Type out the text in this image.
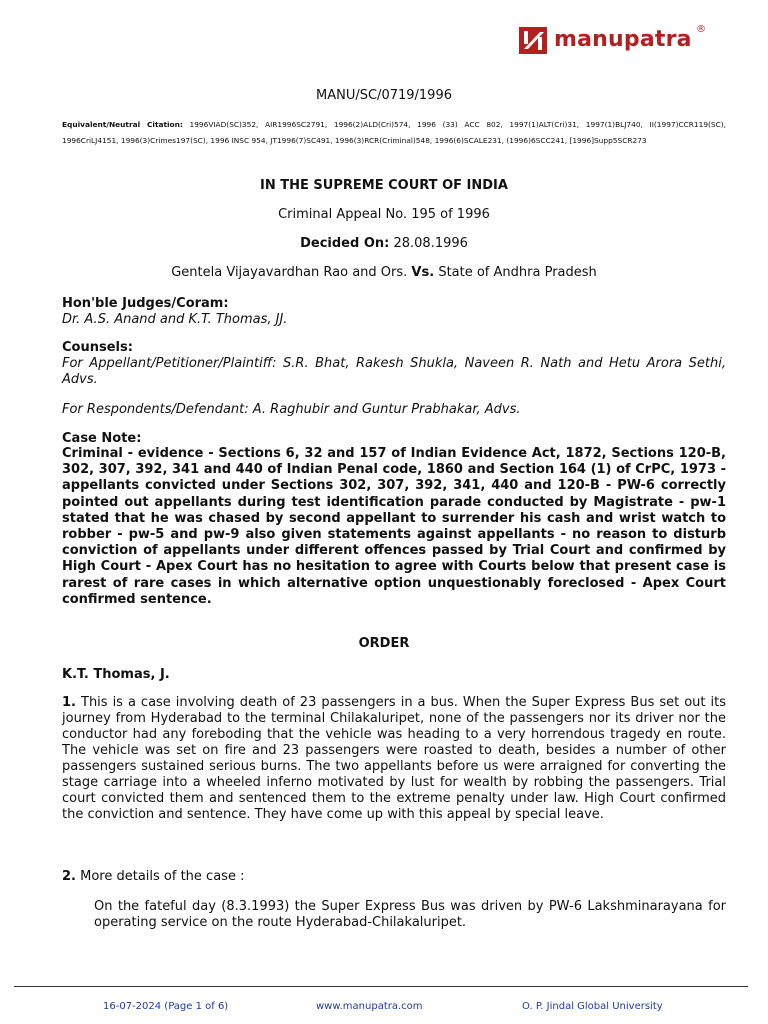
manupatra ®
MANU/SC/0719/1996
Equivalent/Neutral Citation: 1996VIAD(SC)352, AIR1996SC2791, 1996(2)ALD(Cri)574, 1996 (33) ACC 802, 1997(1)ALT(Cri)31, 1997(1)BLJ740, II(1997)CCR119(SC), 1996CriLJ4151, 1996(3)Crimes197(SC), 1996 INSC 954, JT1996(7)SC491, 1996(3)RCR(Criminal)548, 1996(6)SCALE231, (1996)6SCC241, [1996]Supp5SCR273
IN THE SUPREME COURT OF INDIA
Criminal Appeal No. 195 of 1996
Decided On: 28.08.1996
Gentela Vijayavardhan Rao and Ors. Vs. State of Andhra Pradesh
Hon'ble Judges/Coram:
Dr. A.S. Anand and K.T. Thomas, JJ.
Counsels:
For Appellant/Petitioner/Plaintiff: S.R. Bhat, Rakesh Shukla, Naveen R. Nath and Hetu Arora Sethi, Advs.
For Respondents/Defendant: A. Raghubir and Guntur Prabhakar, Advs.
Case Note:
Criminal - evidence - Sections 6, 32 and 157 of Indian Evidence Act, 1872, Sections 120-B, 302, 307, 392, 341 and 440 of Indian Penal code, 1860 and Section 164 (1) of CrPC, 1973 - appellants convicted under Sections 302, 307, 392, 341, 440 and 120-B - PW-6 correctly pointed out appellants during test identification parade conducted by Magistrate - pw-1 stated that he was chased by second appellant to surrender his cash and wrist watch to robber - pw-5 and pw-9 also given statements against appellants - no reason to disturb conviction of appellants under different offences passed by Trial Court and confirmed by High Court - Apex Court has no hesitation to agree with Courts below that present case is rarest of rare cases in which alternative option unquestionably foreclosed - Apex Court confirmed sentence.
ORDER
K.T. Thomas, J.
1. This is a case involving death of 23 passengers in a bus. When the Super Express Bus set out its journey from Hyderabad to the terminal Chilakaluripet, none of the passengers nor its driver nor the conductor had any foreboding that the vehicle was heading to a very horrendous tragedy en route. The vehicle was set on fire and 23 passengers were roasted to death, besides a number of other passengers sustained serious burns. The two appellants before us were arraigned for converting the stage carriage into a wheeled inferno motivated by lust for wealth by robbing the passengers. Trial court convicted them and sentenced them to the extreme penalty under law. High Court confirmed the conviction and sentence. They have come up with this appeal by special leave.
2. More details of the case :
On the fateful day (8.3.1993) the Super Express Bus was driven by PW-6 Lakshminarayana for operating service on the route Hyderabad-Chilakaluripet.
16-07-2024 (Page 1 of 6)	www.manupatra.com	O. P. Jindal Global University
